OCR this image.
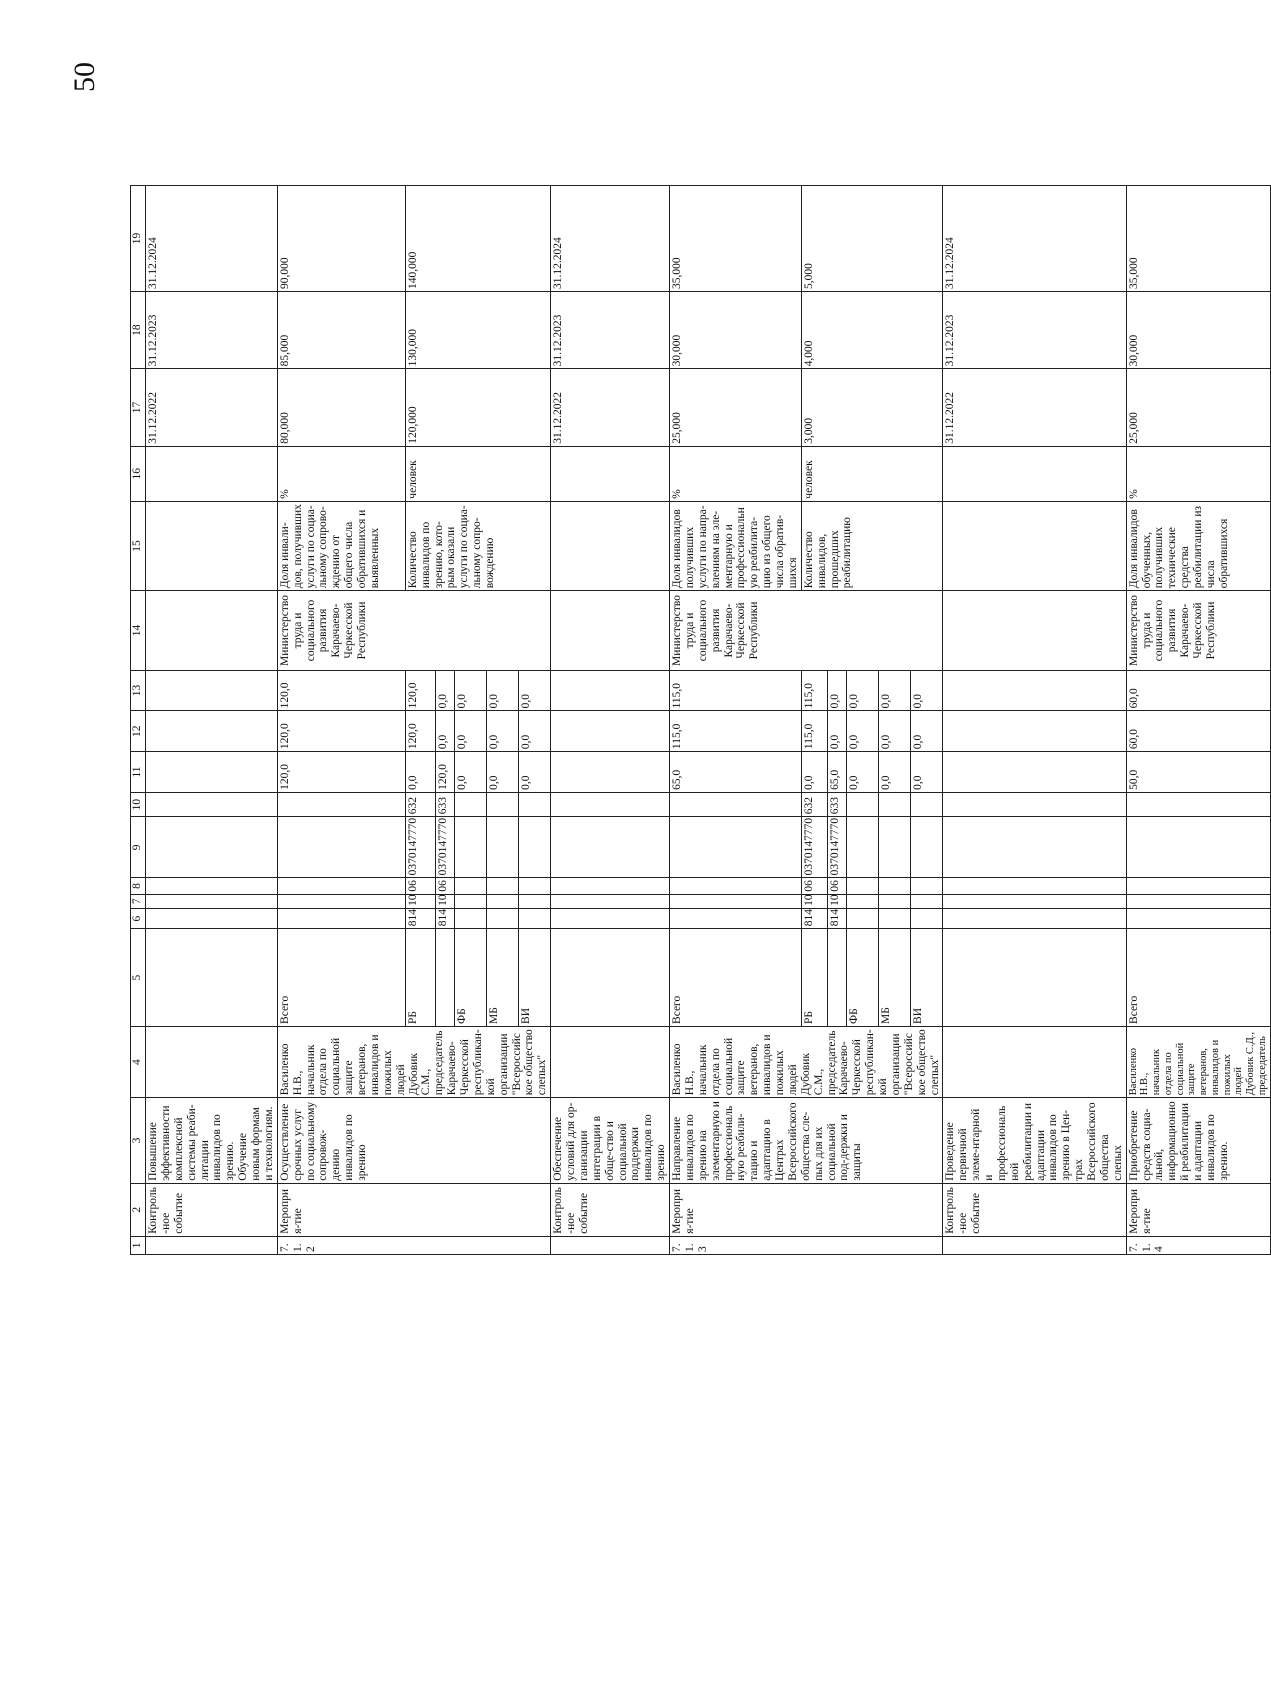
50
1	2	3	4	5	6	7	8	9	10	11	12	13	14	15	16	17	18	19
	Контроль-ное событие	Повышение эффективности комплексной системы реаби-литации инвалидов по зрению. Обучение новым формам и технологиям.														31.12.2022	31.12.2023	31.12.2024
7.1.2	Мероприя-тие	Осуществление срочных услуг по социальному сопровож-дению инвалидов по зрению	Василенко Н.В., начальник отдела по социальной защите ветеранов, инвалидов и пожилых людей Дубовик С.М., председатель Карачаево-Черкесской республикан-кой организации "Всероссийское общество слепых"	Всего						120,0	120,0	120,0	Министерство труда и социального развития Карачаево-Черкесской Республики	Доля инвали-дов, получивших услуги по социа-льному сопрово-ждению от общего числа обратившихся и выявленных	%	80,000	85,000	90,000
				РБ	814	10	06	0370147770	632	0,0	120,0	120,0		Количество инвалидов по зрению, кото-рым оказали услуги по социа-льному сопро-вождению	человек	120,000	130,000	140,000
					814	10	06	0370147770	633	120,0	0,0	0,0						
				ФБ						0,0	0,0	0,0						
				МБ						0,0	0,0	0,0						
				ВИ						0,0	0,0	0,0						
	Контроль-ное событие	Обеспечение условий для ор-ганизации интеграции в обще-ство и социальной поддержки инвалидов по зрению														31.12.2022	31.12.2023	31.12.2024
7.1.3	Мероприя-тие	Направление инвалидов по зрению на элементарную и профессиональную реабили-тацию и адаптацию в Центрах Всероссийского общества сле-пых для их социальной под-держки и защиты	Василенко Н.В., начальник отдела по социальной защите ветеранов, инвалидов и пожилых людей Дубовик С.М., председатель Карачаево-Черкесской республикан-кой организации "Всероссийское общество слепых"	Всего						65,0	115,0	115,0	Министерство труда и социального развития Карачаево-Черкесской Республики	Доля инвалидов получивших услуги по напра-влениям на эле-ментарную и профессиональн ую реабилита-цию из общего числа обратив-шихся	%	25,000	30,000	35,000
				РБ	814	10	06	0370147770	632	0,0	115,0	115,0		Количество инвалидов, прошедших реабилитацию	человек	3,000	4,000	5,000
					814	10	06	0370147770	633	65,0	0,0	0,0						
				ФБ						0,0	0,0	0,0						
				МБ						0,0	0,0	0,0						
				ВИ						0,0	0,0	0,0						
	Контроль-ное событие	Проведение первичной элеме-нтарной и профессиональной реабилитации и адаптации инвалидов по зрению в Цен-трах Всероссийского общества слепых														31.12.2022	31.12.2023	31.12.2024
7.1.4	Мероприя-тие	Приобретение средств социа-льной, информационной реабилитации и адаптации инвалидов по зрению.	Василенко Н.В., начальник отдела по социальной защите ветеранов, инвалидов и пожилых людей Дубовик С.Д., председатель	Всего						50,0	60,0	60,0	Министерство труда и социального развития Карачаево-Черкесской Республики	Доля инвалидов обученных, получивших технические средства реабилитации из числа обратившихся	%	25,000	30,000	35,000
